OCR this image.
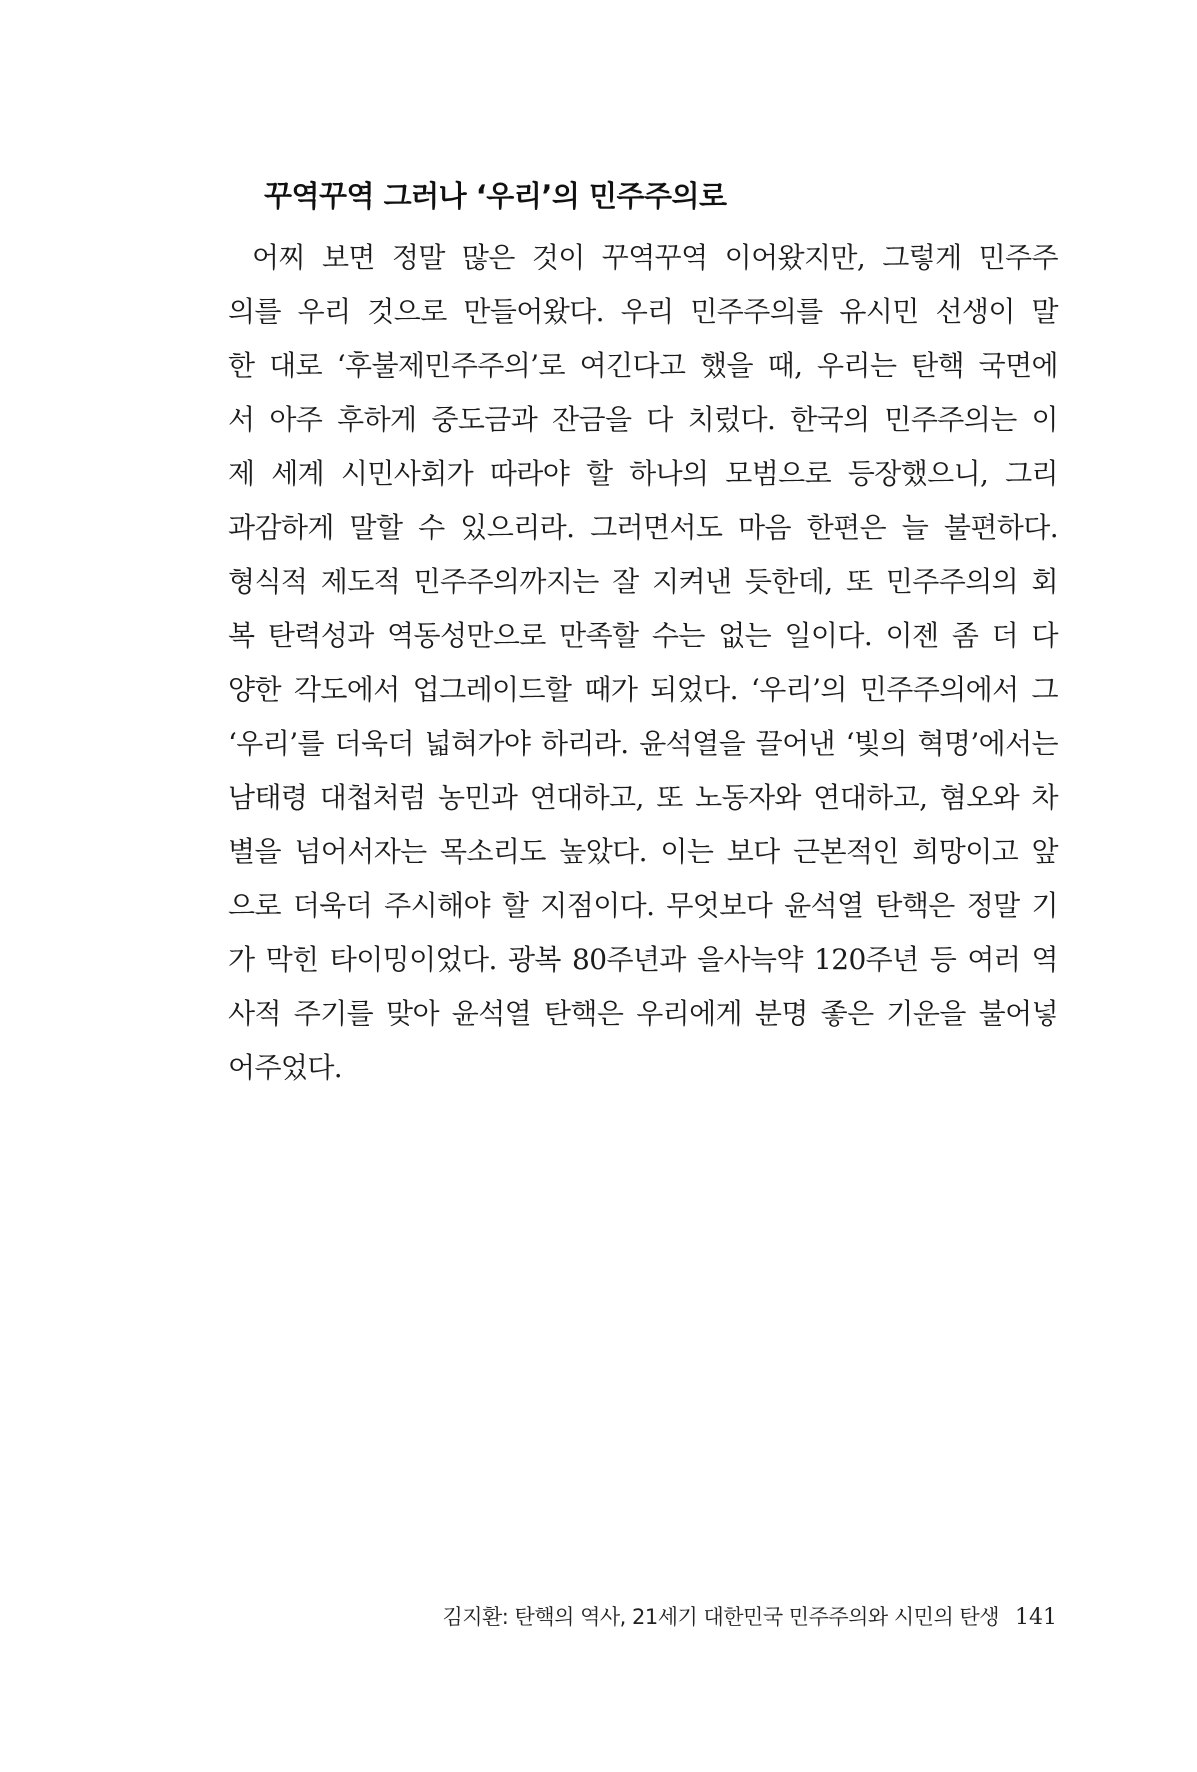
꾸역꾸역 그러나 ‘우리’의 민주주의로
어찌 보면 정말 많은 것이 꾸역꾸역 이어왔지만, 그렇게 민주주
의를 우리 것으로 만들어왔다. 우리 민주주의를 유시민 선생이 말
한 대로 ‘후불제민주주의’로 여긴다고 했을 때, 우리는 탄핵 국면에
서 아주 후하게 중도금과 잔금을 다 치렀다. 한국의 민주주의는 이
제 세계 시민사회가 따라야 할 하나의 모범으로 등장했으니, 그리
과감하게 말할 수 있으리라. 그러면서도 마음 한편은 늘 불편하다.
형식적 제도적 민주주의까지는 잘 지켜낸 듯한데, 또 민주주의의 회
복 탄력성과 역동성만으로 만족할 수는 없는 일이다. 이젠 좀 더 다
양한 각도에서 업그레이드할 때가 되었다. ‘우리’의 민주주의에서 그
‘우리’를 더욱더 넓혀가야 하리라. 윤석열을 끌어낸 ‘빛의 혁명’에서는
남태령 대첩처럼 농민과 연대하고, 또 노동자와 연대하고, 혐오와 차
별을 넘어서자는 목소리도 높았다. 이는 보다 근본적인 희망이고 앞
으로 더욱더 주시해야 할 지점이다. 무엇보다 윤석열 탄핵은 정말 기
가 막힌 타이밍이었다. 광복 80주년과 을사늑약 120주년 등 여러 역
사적 주기를 맞아 윤석열 탄핵은 우리에게 분명 좋은 기운을 불어넣
어주었다.
김지환: 탄핵의 역사, 21세기 대한민국 민주주의와 시민의 탄생 141
